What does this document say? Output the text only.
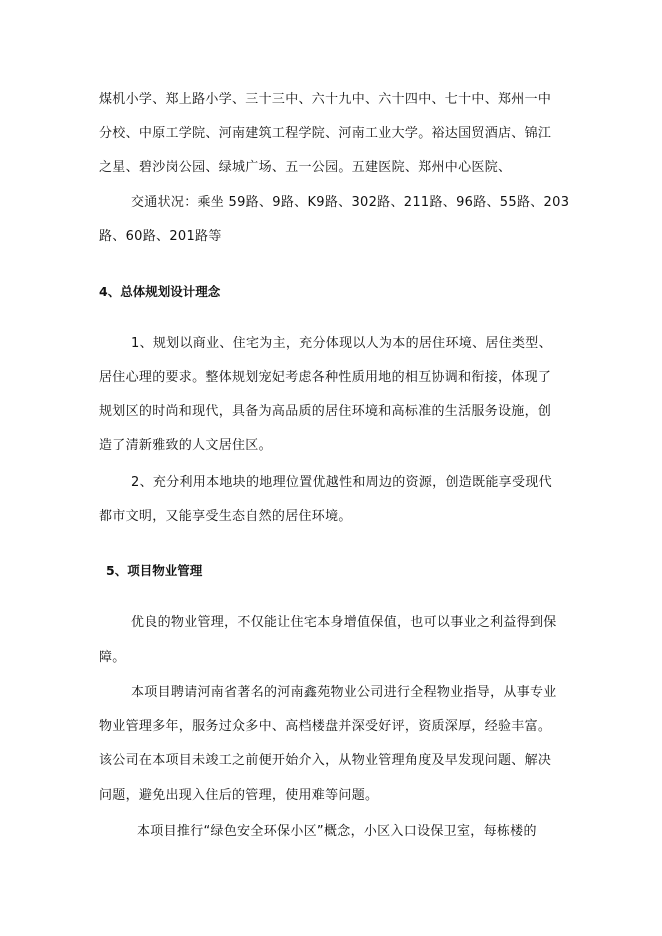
煤机小学、郑上路小学、三十三中、六十九中、六十四中、七十中、郑州一中
分校、中原工学院、河南建筑工程学院、河南工业大学。裕达国贸酒店、锦江
之星、碧沙岗公园、绿城广场、五一公园。五建医院、郑州中心医院、
交通状况：乘坐 59路、9路、K9路、302路、211路、96路、55路、203
路、60路、201路等
4、总体规划设计理念
1、规划以商业、住宅为主，充分体现以人为本的居住环境、居住类型、
居住心理的要求。整体规划宠妃考虑各种性质用地的相互协调和衔接，体现了
规划区的时尚和现代，具备为高品质的居住环境和高标准的生活服务设施，创
造了清新雅致的人文居住区。
2、充分利用本地块的地理位置优越性和周边的资源，创造既能享受现代
都市文明，又能享受生态自然的居住环境。
5、项目物业管理
优良的物业管理，不仅能让住宅本身增值保值，也可以事业之利益得到保
障。
本项目聘请河南省著名的河南鑫苑物业公司进行全程物业指导，从事专业
物业管理多年，服务过众多中、高档楼盘并深受好评，资质深厚，经验丰富。
该公司在本项目未竣工之前便开始介入，从物业管理角度及早发现问题、解决
问题，避免出现入住后的管理，使用难等问题。
本项目推行“绿色安全环保小区”概念，小区入口设保卫室，每栋楼的
